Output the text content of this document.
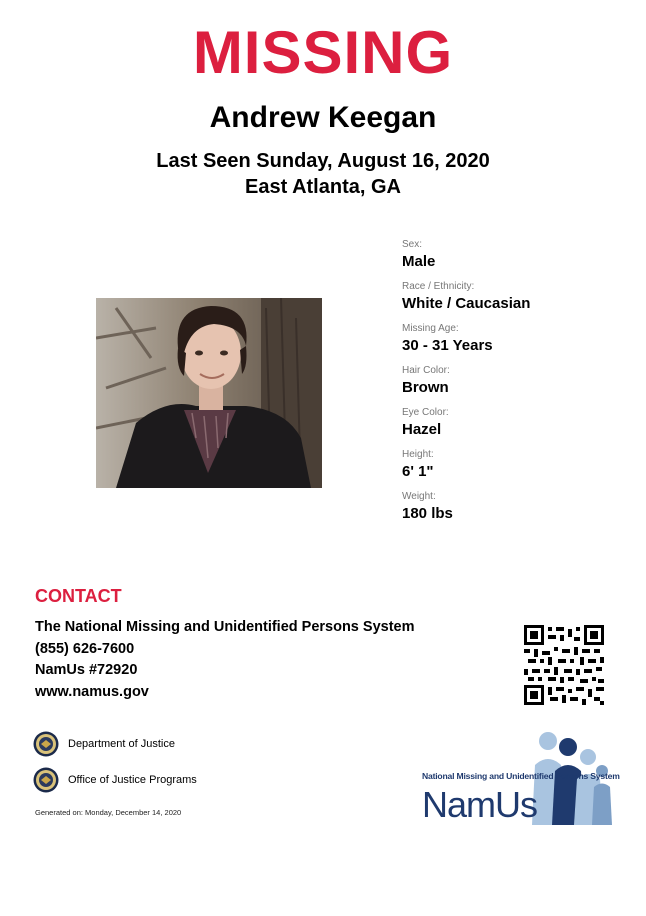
MISSING
Andrew Keegan
Last Seen Sunday, August 16, 2020
East Atlanta, GA
Sex:
Male
Race / Ethnicity:
White / Caucasian
Missing Age:
30 - 31 Years
Hair Color:
Brown
Eye Color:
Hazel
Height:
6' 1"
Weight:
180 lbs
CONTACT
The National Missing and Unidentified Persons System
(855) 626-7600
NamUs #72920
www.namus.gov
Department of Justice
Office of Justice Programs
Generated on: Monday, December 14, 2020
National Missing and Unidentified Persons System
NamUs
